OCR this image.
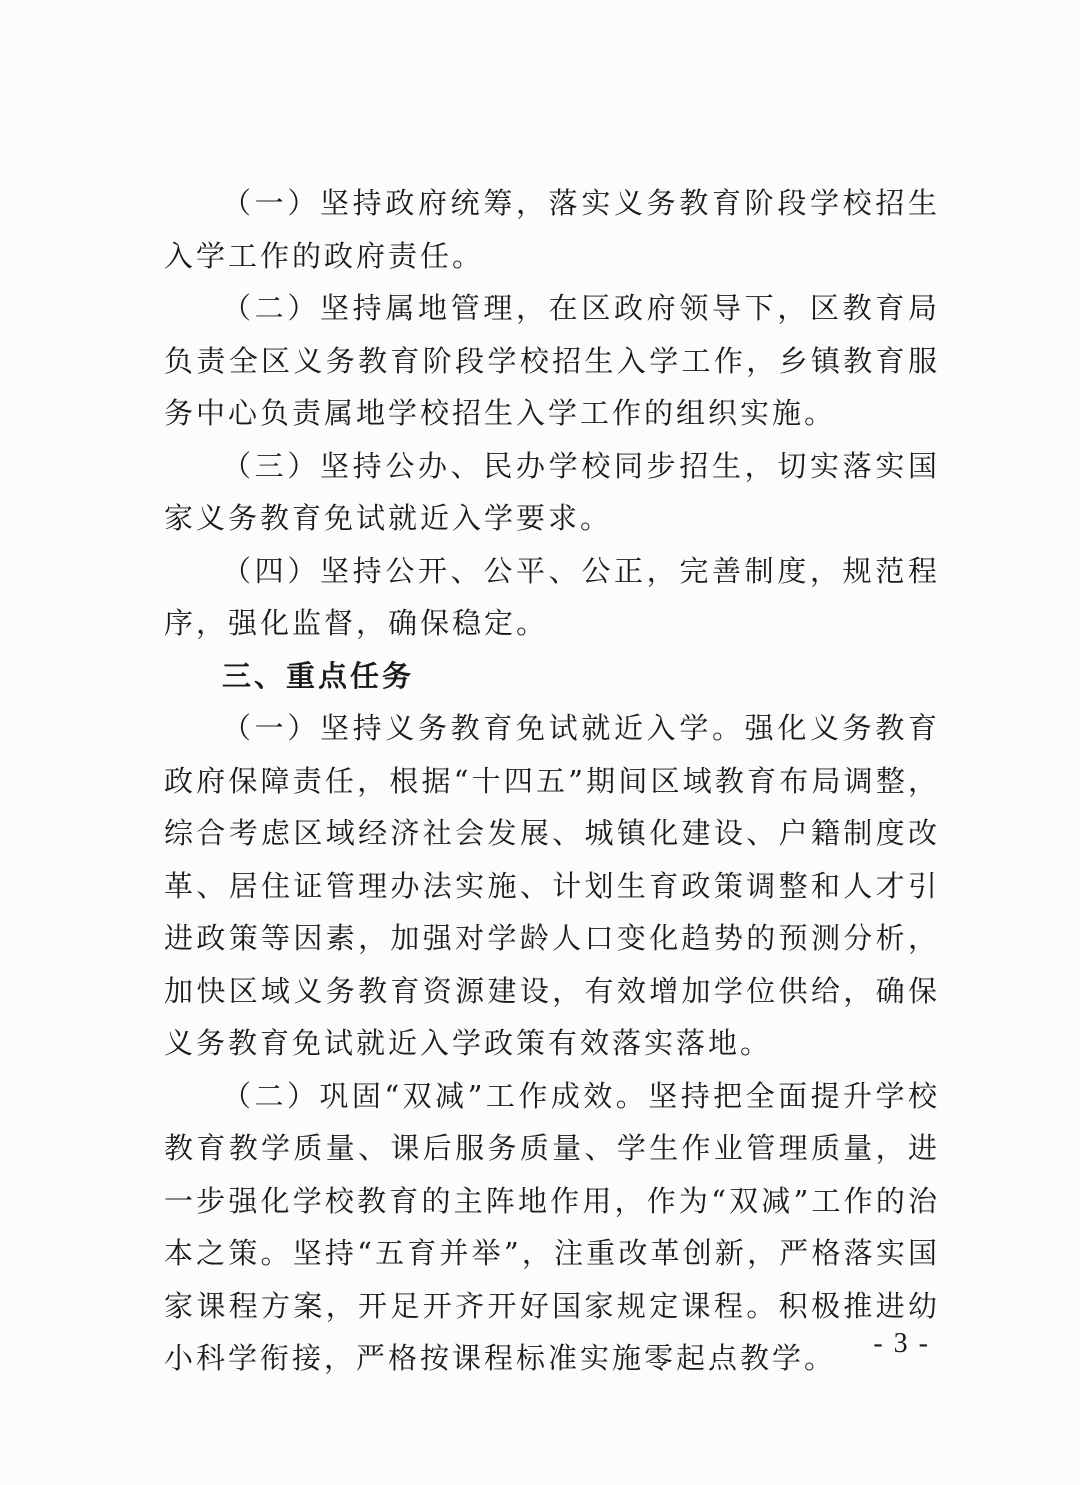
（一）坚持政府统筹，落实义务教育阶段学校招生入学工作的政府责任。

（二）坚持属地管理，在区政府领导下，区教育局负责全区义务教育阶段学校招生入学工作，乡镇教育服务中心负责属地学校招生入学工作的组织实施。

（三）坚持公办、民办学校同步招生，切实落实国家义务教育免试就近入学要求。

（四）坚持公开、公平、公正，完善制度，规范程序，强化监督，确保稳定。

三、重点任务

（一）坚持义务教育免试就近入学。强化义务教育政府保障责任，根据“十四五”期间区域教育布局调整，综合考虑区域经济社会发展、城镇化建设、户籍制度改革、居住证管理办法实施、计划生育政策调整和人才引进政策等因素，加强对学龄人口变化趋势的预测分析，加快区域义务教育资源建设，有效增加学位供给，确保义务教育免试就近入学政策有效落实落地。

（二）巩固“双减”工作成效。坚持把全面提升学校教育教学质量、课后服务质量、学生作业管理质量，进一步强化学校教育的主阵地作用，作为“双减”工作的治本之策。坚持“五育并举”，注重改革创新，严格落实国家课程方案，开足开齐开好国家规定课程。积极推进幼小科学衔接，严格按课程标准实施零起点教学。	- 3 -
